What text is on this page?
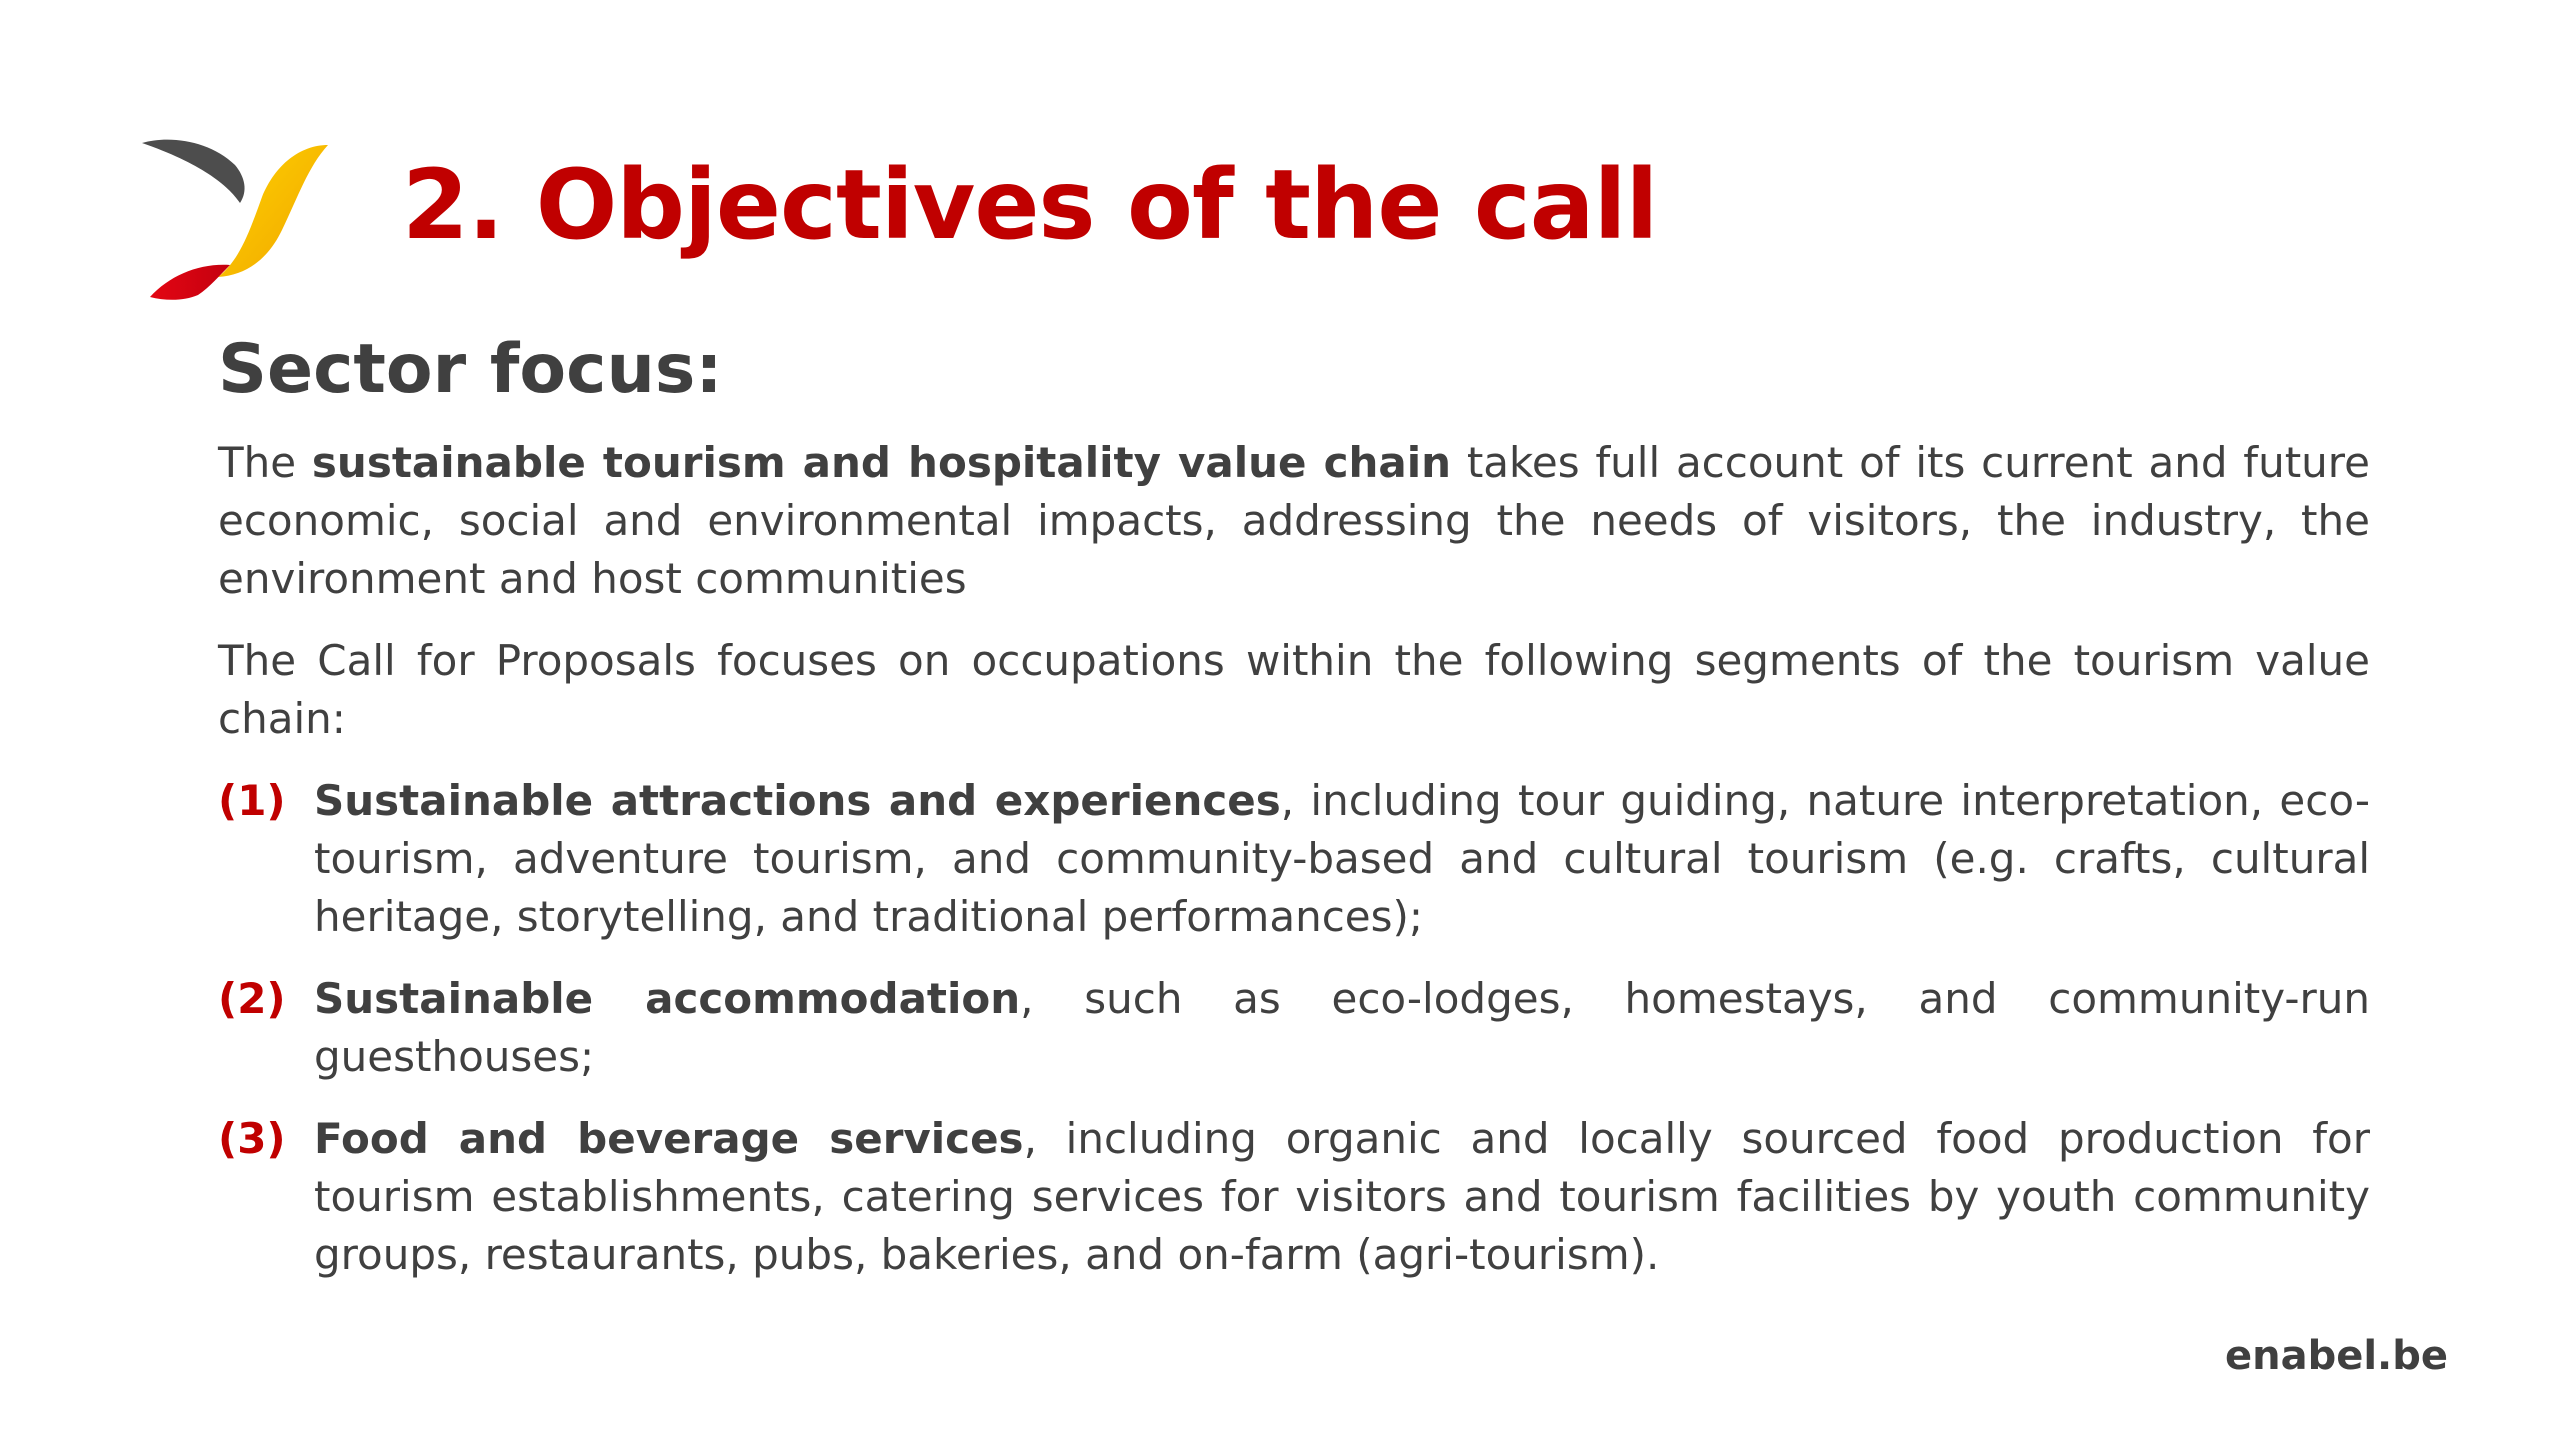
2. Objectives of the call
Sector focus:

The sustainable tourism and hospitality value chain takes full account of its current and future economic, social and environmental impacts, addressing the needs of visitors, the industry, the environment and host communities

The Call for Proposals focuses on occupations within the following segments of the tourism value chain:

(1) Sustainable attractions and experiences, including tour guiding, nature interpretation, eco-tourism, adventure tourism, and community-based and cultural tourism (e.g. crafts, cultural heritage, storytelling, and traditional performances);
(2) Sustainable accommodation, such as eco-lodges, homestays, and community-run guesthouses;
(3) Food and beverage services, including organic and locally sourced food production for tourism establishments, catering services for visitors and tourism facilities by youth community groups, restaurants, pubs, bakeries, and on-farm (agri-tourism).

enabel.be
